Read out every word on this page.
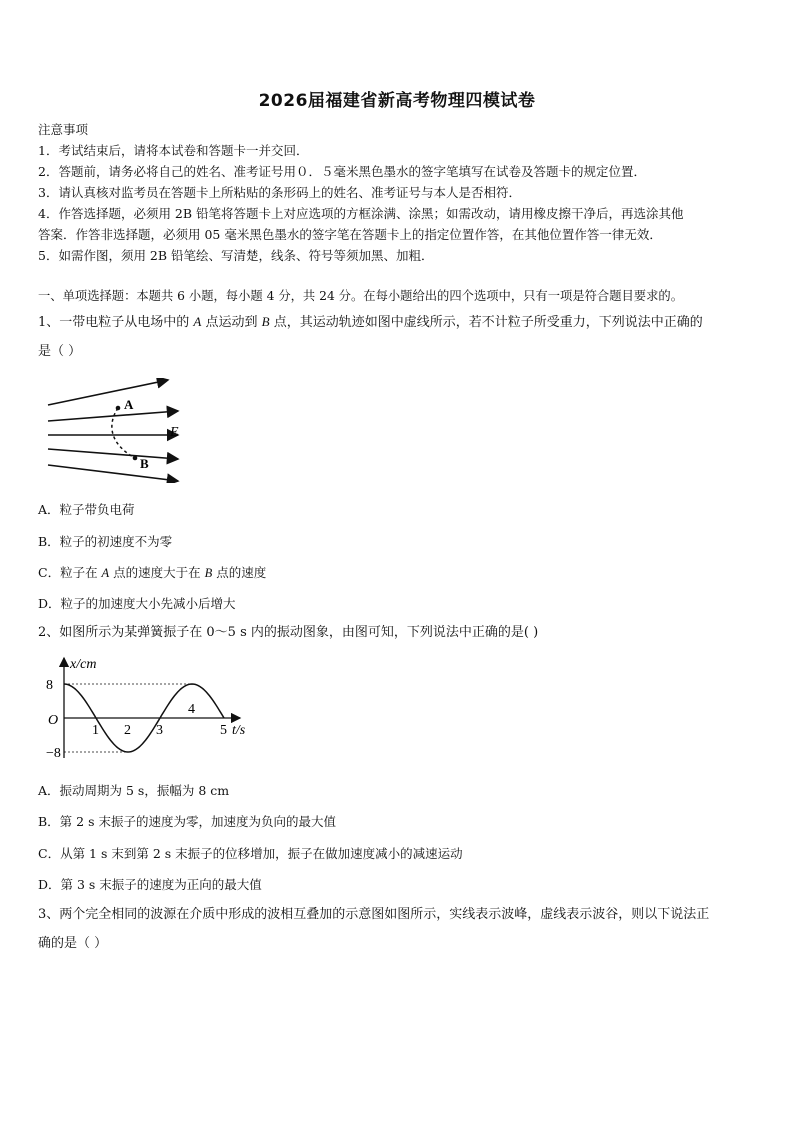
2026届福建省新高考物理四模试卷
注意事项
1．考试结束后，请将本试卷和答题卡一并交回．
2．答题前，请务必将自己的姓名、准考证号用０．５毫米黑色墨水的签字笔填写在试卷及答题卡的规定位置．
3．请认真核对监考员在答题卡上所粘贴的条形码上的姓名、准考证号与本人是否相符．
4．作答选择题，必须用 2B 铅笔将答题卡上对应选项的方框涂满、涂黑；如需改动，请用橡皮擦干净后，再选涂其他
答案．作答非选择题，必须用 05 毫米黑色墨水的签字笔在答题卡上的指定位置作答，在其他位置作答一律无效．
5．如需作图，须用 2B 铅笔绘、写清楚，线条、符号等须加黑、加粗．
一、单项选择题：本题共 6 小题，每小题 4 分，共 24 分。在每小题给出的四个选项中，只有一项是符合题目要求的。
1、一带电粒子从电场中的 A 点运动到 B 点，其运动轨迹如图中虚线所示，若不计粒子所受重力，下列说法中正确的
是（ ）
A
B
E
A．粒子带负电荷
B．粒子的初速度不为零
C．粒子在 A 点的速度大于在 B 点的速度
D．粒子的加速度大小先减小后增大
2、如图所示为某弹簧振子在 0～5 s 内的振动图象，由图可知，下列说法中正确的是( )
x/cm
t/s
O
8
−8
1 2 3
4
5
A．振动周期为 5 s，振幅为 8 cm
B．第 2 s 末振子的速度为零，加速度为负向的最大值
C．从第 1 s 末到第 2 s 末振子的位移增加，振子在做加速度减小的减速运动
D．第 3 s 末振子的速度为正向的最大值
3、两个完全相同的波源在介质中形成的波相互叠加的示意图如图所示，实线表示波峰，虚线表示波谷，则以下说法正
确的是（ ）
